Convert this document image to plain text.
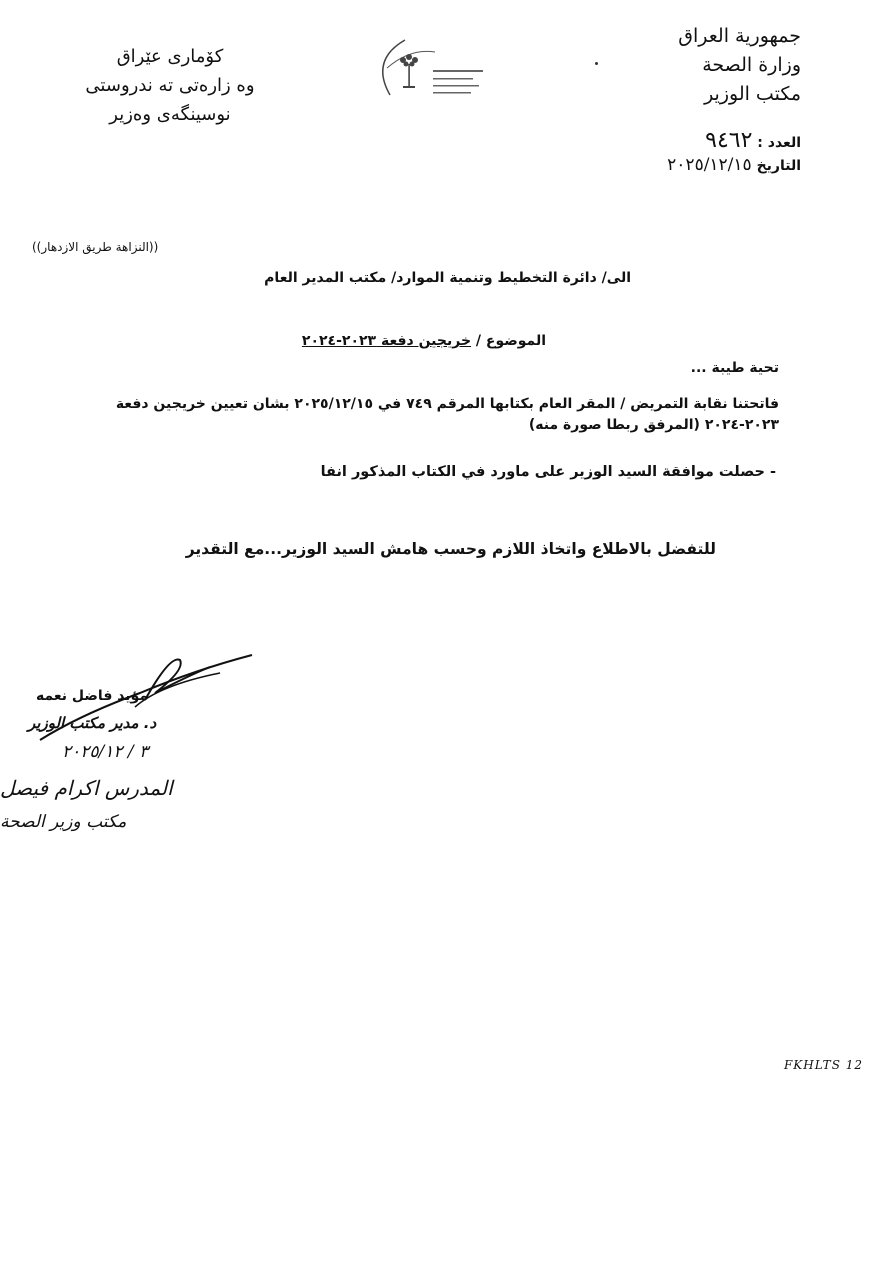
جمهورية العراق
وزارة الصحة
مكتب الوزير
كۆماری عێراق
وه زارەتی ته ندروستی
نوسینگەی وەزیر
العدد : ٩٤٦٢
التاريخ ٢٠٢٥/١٢/١٥
((النزاهة طريق الازدهار))
الى/ دائرة التخطيط وتنمية الموارد/ مكتب المدير العام
الموضوع / خريجين دفعة ٢٠٢٣-٢٠٢٤
تحية طيبة ...
فاتحتنا نقابة التمريض / المقر العام بكتابها المرقم ٧٤٩ في ٢٠٢٥/١٢/١٥ بشان تعيين خريجين دفعة
٢٠٢٣-٢٠٢٤ (المرفق ربطا صورة منه)
- حصلت موافقة السيد الوزير على ماورد في الكتاب المذكور انفا
للتفضل بالاطلاع واتخاذ اللازم وحسب هامش السيد الوزير...مع التقدير
مؤيد فاضل نعمه
د. مدير مكتب الوزير
٣ / ٢٠٢٥/١٢
المدرس اكرام فيصل
مكتب وزير الصحة
FKHLTS 12
